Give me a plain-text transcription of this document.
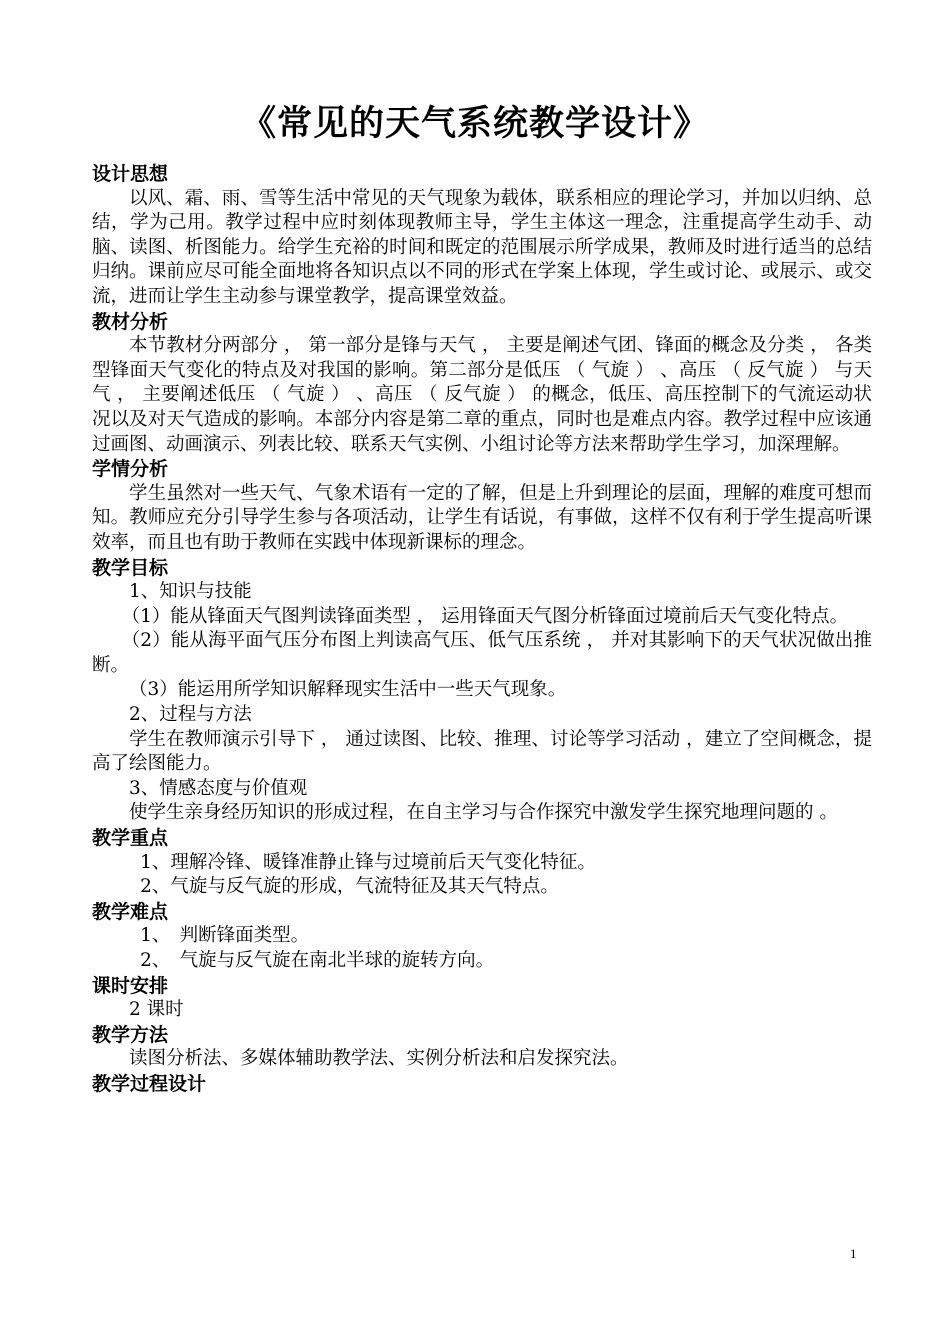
《常见的天气系统教学设计》

设计思想

以风、霜、雨、雪等生活中常见的天气现象为载体，联系相应的理论学习，并加以归纳、总结，学为己用。教学过程中应时刻体现教师主导，学生主体这一理念，注重提高学生动手、动脑、读图、析图能力。给学生充裕的时间和既定的范围展示所学成果，教师及时进行适当的总结归纳。课前应尽可能全面地将各知识点以不同的形式在学案上体现，学生或讨论、或展示、或交流，进而让学生主动参与课堂教学，提高课堂效益。

教材分析

本节教材分两部分 ， 第一部分是锋与天气 ， 主要是阐述气团、锋面的概念及分类 ， 各类型锋面天气变化的特点及对我国的影响。第二部分是低压 （ 气旋 ） 、高压 （ 反气旋 ） 与天气 ， 主要阐述低压 （ 气旋 ） 、高压 （ 反气旋 ） 的概念，低压、高压控制下的气流运动状况以及对天气造成的影响。本部分内容是第二章的重点，同时也是难点内容。教学过程中应该通过画图、动画演示、列表比较、联系天气实例、小组讨论等方法来帮助学生学习，加深理解。

学情分析

学生虽然对一些天气、气象术语有一定的了解，但是上升到理论的层面，理解的难度可想而知。教师应充分引导学生参与各项活动，让学生有话说，有事做，这样不仅有利于学生提高听课效率，而且也有助于教师在实践中体现新课标的理念。

教学目标

1、知识与技能

（1）能从锋面天气图判读锋面类型 ， 运用锋面天气图分析锋面过境前后天气变化特点。

（2）能从海平面气压分布图上判读高气压、低气压系统 ， 并对其影响下的天气状况做出推断。

（3）能运用所学知识解释现实生活中一些天气现象。

2、过程与方法

学生在教师演示引导下 ， 通过读图、比较、推理、讨论等学习活动 ，建立了空间概念，提高了绘图能力。

3、情感态度与价值观

使学生亲身经历知识的形成过程，在自主学习与合作探究中激发学生探究地理问题的 。

教学重点

1、理解冷锋、暖锋准静止锋与过境前后天气变化特征。

2、气旋与反气旋的形成，气流特征及其天气特点。

教学难点

1、　判断锋面类型。

2、　气旋与反气旋在南北半球的旋转方向。

课时安排

2 课时

教学方法

读图分析法、多媒体辅助教学法、实例分析法和启发探究法。

教学过程设计

1
